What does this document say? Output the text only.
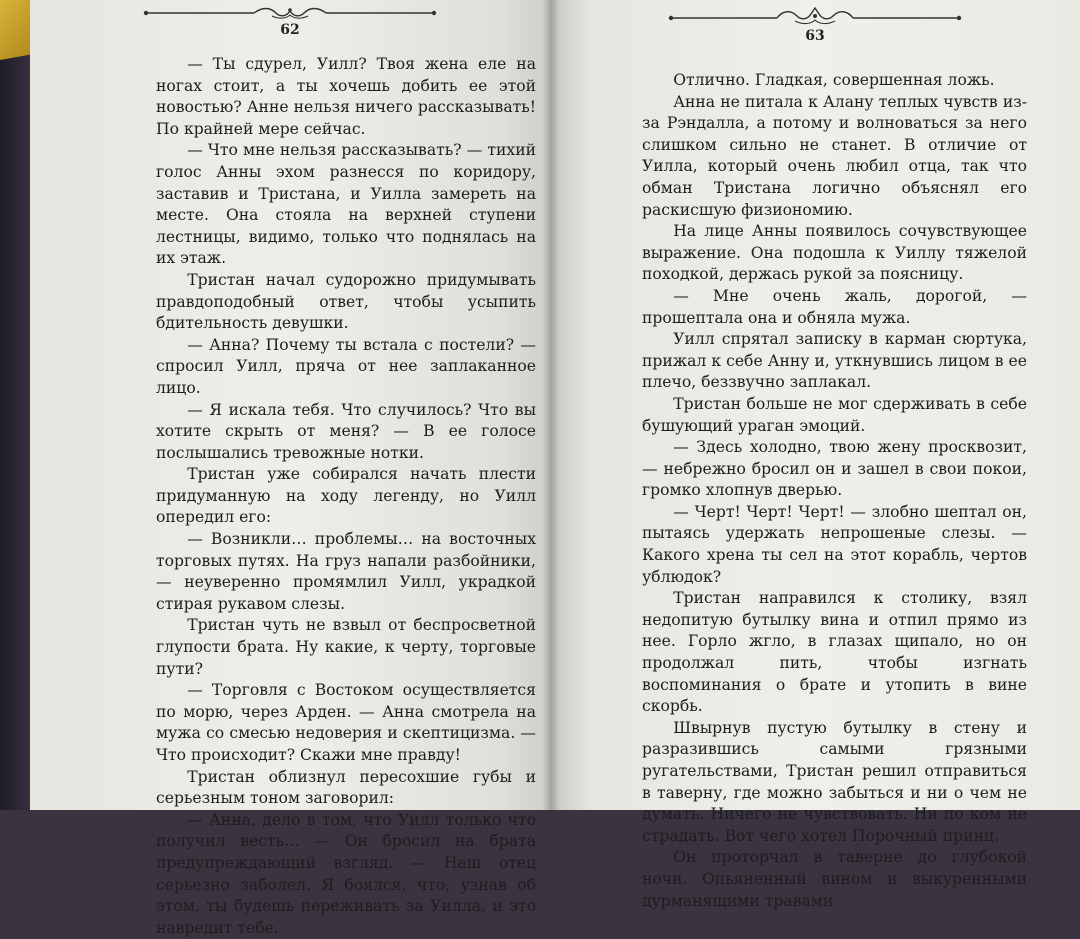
62

— Ты сдурел, Уилл? Твоя жена еле на ногах стоит, а ты хочешь добить ее этой новостью? Анне нельзя ничего рассказывать! По крайней мере сейчас.

— Что мне нельзя рассказывать? — тихий голос Анны эхом разнесся по коридору, заставив и Тристана, и Уилла замереть на месте. Она стояла на верхней ступени лестницы, видимо, только что поднялась на их этаж.

Тристан начал судорожно придумывать правдоподобный ответ, чтобы усыпить бдительность девушки.

— Анна? Почему ты встала с постели? — спросил Уилл, пряча от нее заплаканное лицо.

— Я искала тебя. Что случилось? Что вы хотите скрыть от меня? — В ее голосе послышались тревожные нотки.

Тристан уже собирался начать плести придуманную на ходу легенду, но Уилл опередил его:

— Возникли… проблемы… на восточных торговых путях. На груз напали разбойники, — неуверенно промямлил Уилл, украдкой стирая рукавом слезы.

Тристан чуть не взвыл от беспросветной глупости брата. Ну какие, к черту, торговые пути?

— Торговля с Востоком осуществляется по морю, через Арден. — Анна смотрела на мужа со смесью недоверия и скептицизма. — Что происходит? Скажи мне правду!

Тристан облизнул пересохшие губы и серьезным тоном заговорил:

— Анна, дело в том, что Уилл только что получил весть… — Он бросил на брата предупреждающий взгляд. — Наш отец серьезно заболел. Я боялся, что, узнав об этом, ты будешь переживать за Уилла, и это навредит тебе.

63

Отлично. Гладкая, совершенная ложь.

Анна не питала к Алану теплых чувств из-за Рэндалла, а потому и волноваться за него слишком сильно не станет. В отличие от Уилла, который очень любил отца, так что обман Тристана логично объяснял его раскисшую физиономию.

На лице Анны появилось сочувствующее выражение. Она подошла к Уиллу тяжелой походкой, держась рукой за поясницу.

— Мне очень жаль, дорогой, — прошептала она и обняла мужа.

Уилл спрятал записку в карман сюртука, прижал к себе Анну и, уткнувшись лицом в ее плечо, беззвучно заплакал.

Тристан больше не мог сдерживать в себе бушующий ураган эмоций.

— Здесь холодно, твою жену просквозит, — небрежно бросил он и зашел в свои покои, громко хлопнув дверью.

— Черт! Черт! Черт! — злобно шептал он, пытаясь удержать непрошеные слезы. — Какого хрена ты сел на этот корабль, чертов ублюдок?

Тристан направился к столику, взял недопитую бутылку вина и отпил прямо из нее. Горло жгло, в глазах щипало, но он продолжал пить, чтобы изгнать воспоминания о брате и утопить в вине скорбь.

Швырнув пустую бутылку в стену и разразившись самыми грязными ругательствами, Тристан решил отправиться в таверну, где можно забыться и ни о чем не думать. Ничего не чувствовать. Ни по ком не страдать. Вот чего хотел Порочный принц.

Он проторчал в таверне до глубокой ночи. Опьяненный вином и выкуренными дурманящими травами
